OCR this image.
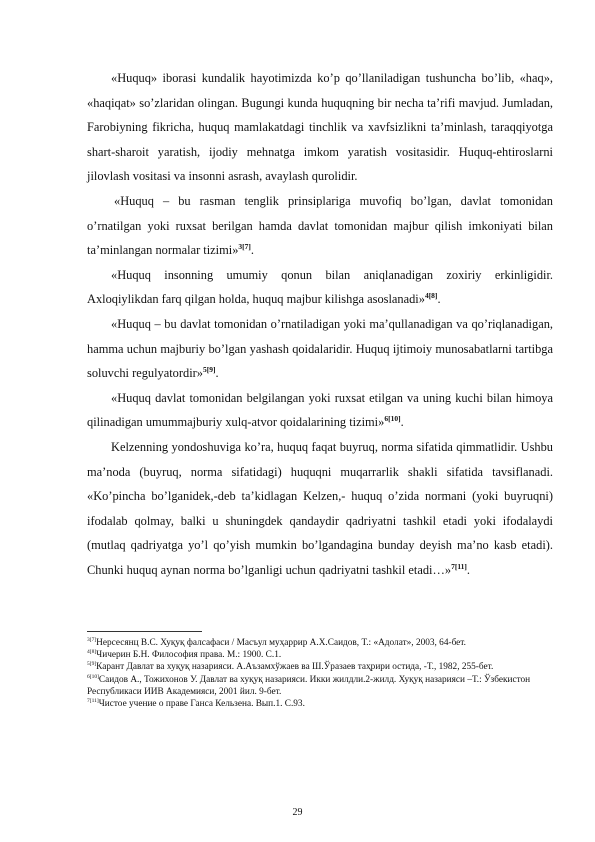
«Huquq» iborasi kundalik hayotimizda ko’p qo’llaniladigan tushuncha bo’lib, «haq», «haqiqat» so’zlaridan olingan. Bugungi kunda huquqning bir necha ta’rifi mavjud. Jumladan, Farobiyning fikricha, huquq mamlakatdagi tinchlik va xavfsizlikni ta’minlash, taraqqiyotga shart-sharoit yaratish, ijodiy mehnatga imkom yaratish vositasidir. Huquq-ehtiroslarni jilovlash vositasi va insonni asrash, avaylash qurolidir.

«Huquq – bu rasman tenglik prinsiplariga muvofiq bo’lgan, davlat tomonidan o’rnatilgan yoki ruxsat berilgan hamda davlat tomonidan majbur qilish imkoniyati bilan ta’minlangan normalar tizimi»$^{3[7]}$.

«Huquq insonning umumiy qonun bilan aniqlanadigan zoxiriy erkinligidir. Axloqiylikdan farq qilgan holda, huquq majbur kilishga asoslanadi»$^{4[8]}$.

«Huquq – bu davlat tomonidan o’rnatiladigan yoki ma’qullanadigan va qo’riqlanadigan, hamma uchun majburiy bo’lgan yashash qoidalaridir. Huquq ijtimoiy munosabatlarni tartibga soluvchi regulyatordir»$^{5[9]}$.

«Huquq davlat tomonidan belgilangan yoki ruxsat etilgan va uning kuchi bilan himoya qilinadigan umummajburiy xulq-atvor qoidalarining tizimi»$^{6[10]}$.

Kelzenning yondoshuviga ko’ra, huquq faqat buyruq, norma sifatida qimmatlidir. Ushbu ma’noda (buyruq, norma sifatidagi) huquqni muqarrarlik shakli sifatida tavsiflanadi. «Ko’pincha bo’lganidek,-deb ta’kidlagan Kelzen,- huquq o’zida normani (yoki buyruqni) ifodalab qolmay, balki u shuningdek qandaydir qadriyatni tashkil etadi yoki ifodalaydi (mutlaq qadriyatga yo’l qo’yish mumkin bo’lgandagina bunday deyish ma’no kasb etadi). Chunki huquq aynan norma bo’lganligi uchun qadriyatni tashkil etadi…»$^{7[11]}$.

$^{3[7]}$Нерсесянц В.С. Хуқуқ фалсафаси / Масъул муҳаррир А.Х.Саидов, Т.: «Адолат», 2003, 64-бет.

$^{4[8]}$Чичерин Б.Н. Философия права. М.: 1900. С.1.

$^{5[9]}$Карант Давлат ва хуқуқ назарияси. А.Аъзамхўжаев ва Ш.Ўразаев таҳрири остида, -Т., 1982, 255-бет.

$^{6[10]}$Саидов А., Тожихонов У. Давлат ва хуқуқ назарияси. Икки жилдли.2-жилд. Хуқуқ назарияси –Т.: Ўзбекистон Республикаси ИИВ Академияси, 2001 йил. 9-бет.

$^{7[11]}$Чистое учение о праве Ганса Кельзена. Вып.1. С.93.

29
